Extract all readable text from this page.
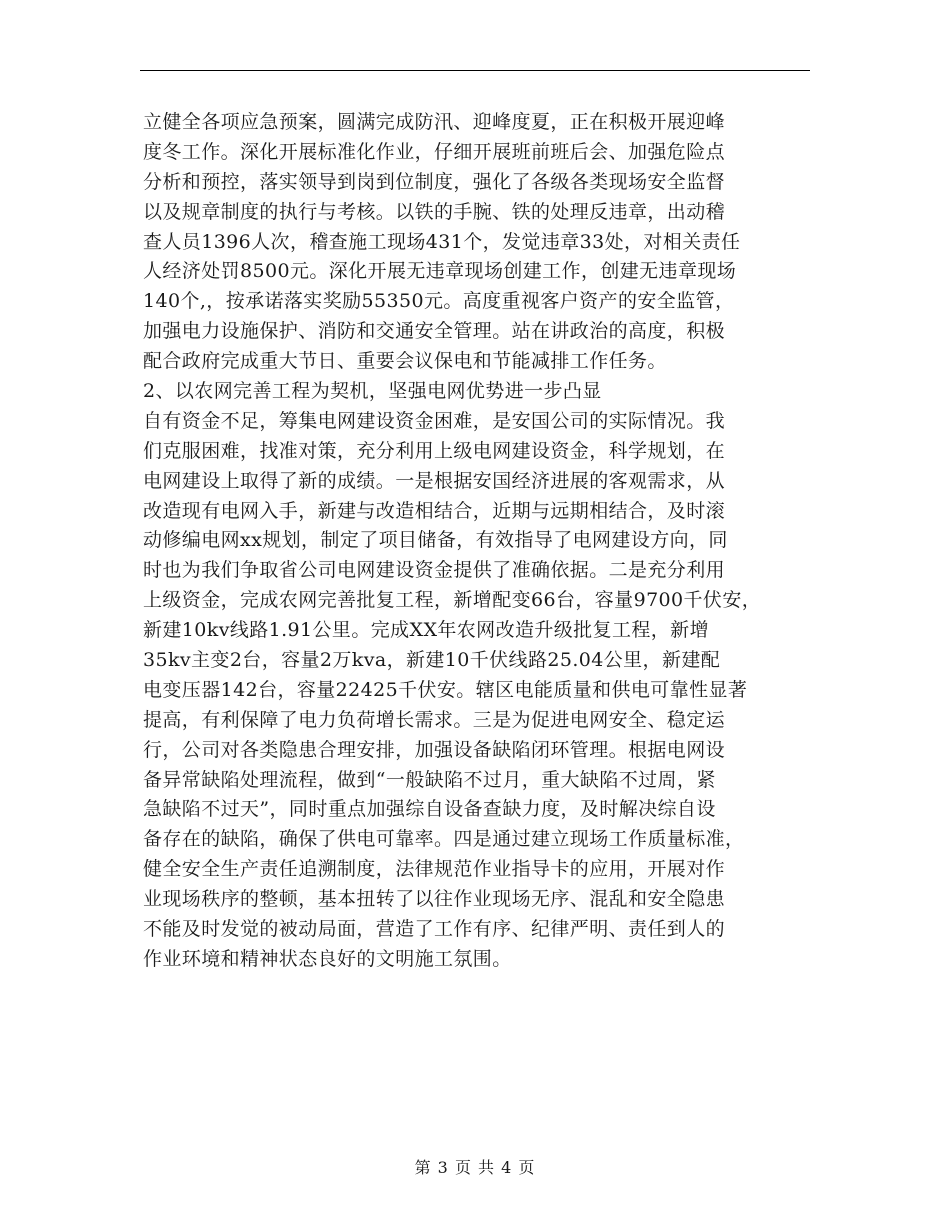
立健全各项应急预案，圆满完成防汛、迎峰度夏，正在积极开展迎峰
度冬工作。深化开展标准化作业，仔细开展班前班后会、加强危险点
分析和预控，落实领导到岗到位制度，强化了各级各类现场安全监督
以及规章制度的执行与考核。以铁的手腕、铁的处理反违章，出动稽
查人员1396人次，稽查施工现场431个，发觉违章33处，对相关责任
人经济处罚8500元。深化开展无违章现场创建工作，创建无违章现场
140个,，按承诺落实奖励55350元。高度重视客户资产的安全监管，
加强电力设施保护、消防和交通安全管理。站在讲政治的高度，积极
配合政府完成重大节日、重要会议保电和节能减排工作任务。
2、以农网完善工程为契机，坚强电网优势进一步凸显
自有资金不足，筹集电网建设资金困难，是安国公司的实际情况。我
们克服困难，找准对策，充分利用上级电网建设资金，科学规划，在
电网建设上取得了新的成绩。一是根据安国经济进展的客观需求，从
改造现有电网入手，新建与改造相结合，近期与远期相结合，及时滚
动修编电网xx规划，制定了项目储备，有效指导了电网建设方向，同
时也为我们争取省公司电网建设资金提供了准确依据。二是充分利用
上级资金，完成农网完善批复工程，新增配变66台，容量9700千伏安，
新建10kv线路1.91公里。完成XX年农网改造升级批复工程，新增
35kv主变2台，容量2万kva，新建10千伏线路25.04公里，新建配
电变压器142台，容量22425千伏安。辖区电能质量和供电可靠性显著
提高，有利保障了电力负荷增长需求。三是为促进电网安全、稳定运
行，公司对各类隐患合理安排，加强设备缺陷闭环管理。根据电网设
备异常缺陷处理流程，做到“一般缺陷不过月，重大缺陷不过周，紧
急缺陷不过天”，同时重点加强综自设备查缺力度，及时解决综自设
备存在的缺陷，确保了供电可靠率。四是通过建立现场工作质量标准，
健全安全生产责任追溯制度，法律规范作业指导卡的应用，开展对作
业现场秩序的整顿，基本扭转了以往作业现场无序、混乱和安全隐患
不能及时发觉的被动局面，营造了工作有序、纪律严明、责任到人的
作业环境和精神状态良好的文明施工氛围。
第 3 页 共 4 页
